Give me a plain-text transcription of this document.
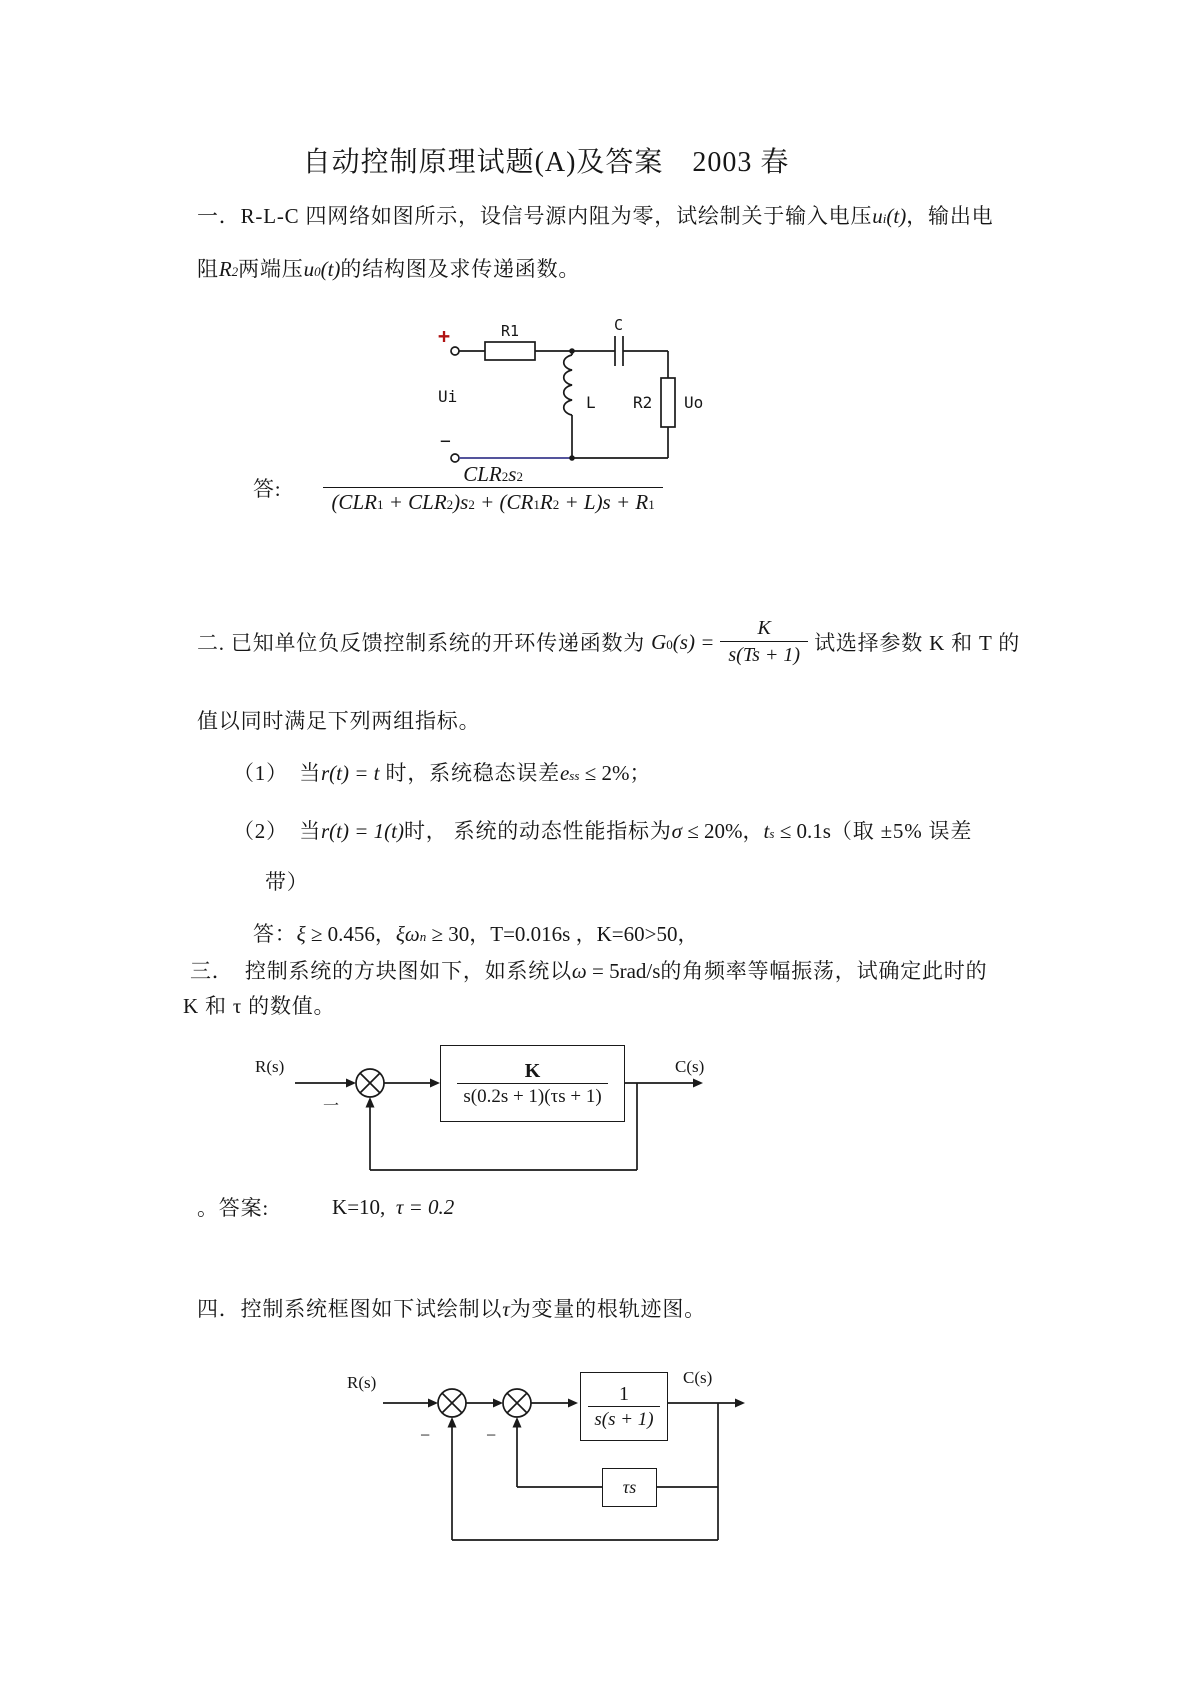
自动控制原理试题(A)及答案　2003 春
一．R-L-C 四网络如图所示，设信号源内阻为零，试绘制关于输入电压$u_i(t)$，输出电
阻$R_2$两端压$u_0(t)$的结构图及求传递函数。
+
−
Ui
R1	C
L R2 Uo
答: $\frac{CLR_2s^2}{(CLR_1 + CLR_2)s^2 + (CR_1R_2 + L)s + R_1}$
二. 已知单位负反馈控制系统的开环传递函数为 $G_0(s) = \frac{K}{s(Ts + 1)}$ 试选择参数 K 和 T 的
值以同时满足下列两组指标。
（1）　当r(t) = t 时，系统稳态误差$e_{ss} \le 2\%$；
（2）　当r(t) = 1(t)时， 系统的动态性能指标为σ ≤ 20%，$t_s \le 0.1s$（取 ±5% 误差
带）
答：ξ ≥ 0.456，$\xi\omega_n \ge 30$，T=0.016s ，K=60>50，
三．　控制系统的方块图如下，如系统以ω = 5rad/s的角频率等幅振荡，试确定此时的
K 和 τ 的数值。
R(s)	C(s)
一
K
s(0.2s + 1)(τs + 1)
。答案:	K=10, τ = 0.2
四．控制系统框图如下试绘制以τ为变量的根轨迹图。
R(s)	C(s)
−	−
1
s(s + 1)
τs
